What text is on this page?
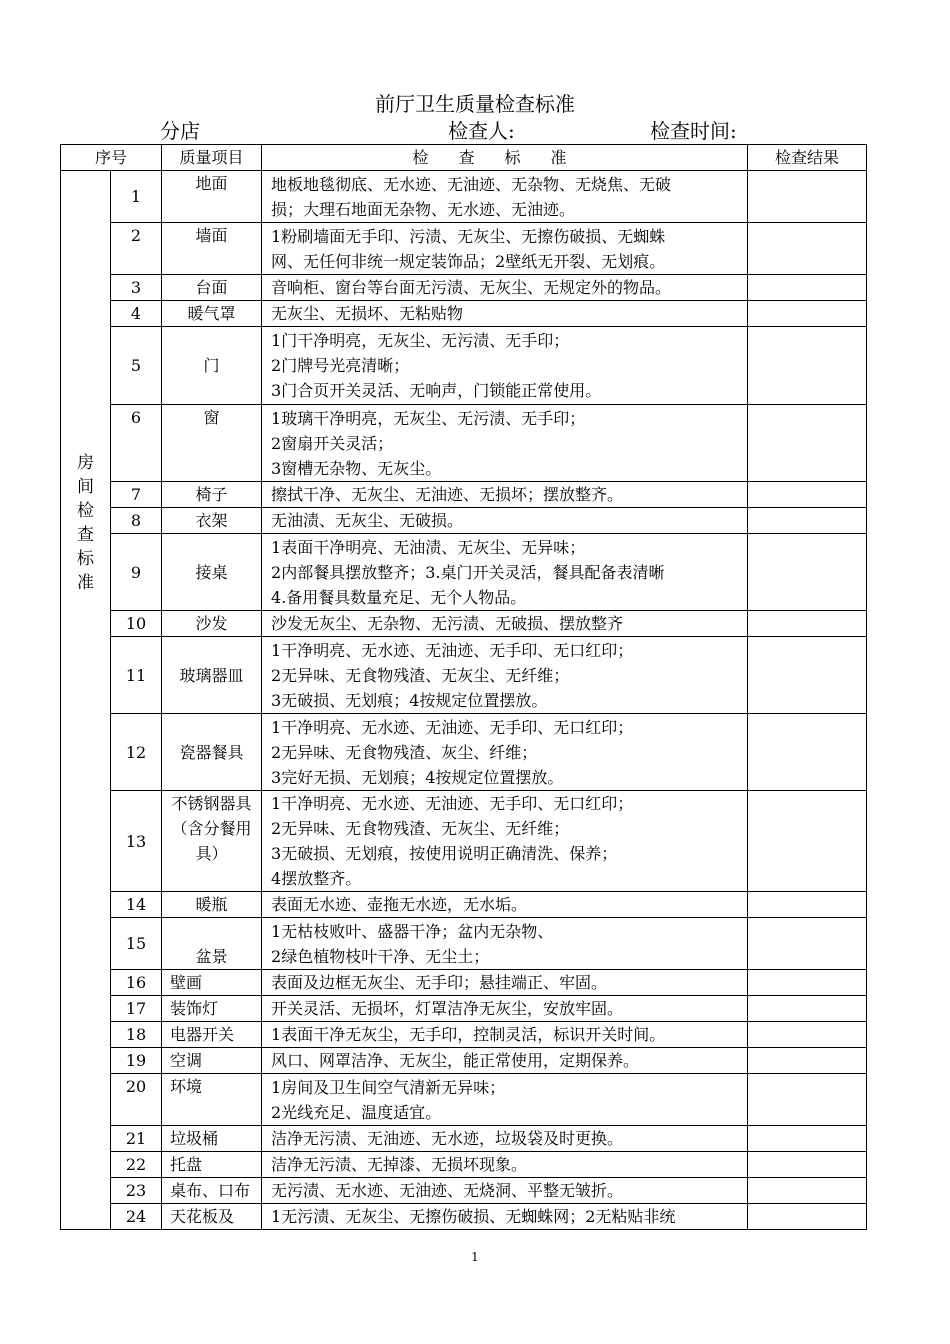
前厅卫生质量检查标准
分店	检查人:	检查时间:
序号		质量项目	检查标准	检查结果
房间检查标准	1	地面	地板地毯彻底、无水迹、无油迹、无杂物、无烧焦、无破
损；大理石地面无杂物、无水迹、无油迹。	

	2	墙面	1粉刷墙面无手印、污渍、无灰尘、无擦伤破损、无蜘蛛
网、无任何非统一规定装饰品；2壁纸无开裂、无划痕。	

	3	台面	音响柜、窗台等台面无污渍、无灰尘、无规定外的物品。	

	4	暖气罩	无灰尘、无损坏、无粘贴物	

	5	门	1门干净明亮，无灰尘、无污渍、无手印；
2门牌号光亮清晰；
3门合页开关灵活、无响声，门锁能正常使用。	

	6	窗	1玻璃干净明亮，无灰尘、无污渍、无手印；
2窗扇开关灵活；
3窗槽无杂物、无灰尘。	

	7	椅子	擦拭干净、无灰尘、无油迹、无损坏；摆放整齐。	

	8	衣架	无油渍、无灰尘、无破损。	

	9	接桌	1表面干净明亮、无油渍、无灰尘、无异味；
2内部餐具摆放整齐；3.桌门开关灵活，餐具配备表清晰
4.备用餐具数量充足、无个人物品。	

	10	沙发	沙发无灰尘、无杂物、无污渍、无破损、摆放整齐	

	11	玻璃器皿	1干净明亮、无水迹、无油迹、无手印、无口红印；
2无异味、无食物残渣、无灰尘、无纤维；
3无破损、无划痕；4按规定位置摆放。	

	12	瓷器餐具	1干净明亮、无水迹、无油迹、无手印、无口红印；
2无异味、无食物残渣、灰尘、纤维；
3完好无损、无划痕；4按规定位置摆放。	

	13	不锈钢器具（含分餐用具）	1干净明亮、无水迹、无油迹、无手印、无口红印；
2无异味、无食物残渣、无灰尘、无纤维；
3无破损、无划痕，按使用说明正确清洗、保养；
4摆放整齐。	

	14	暖瓶	表面无水迹、壶拖无水迹，无水垢。	

	15	盆景	1无枯枝败叶、盛器干净；盆内无杂物、
2绿色植物枝叶干净、无尘土；	

	16	壁画	表面及边框无灰尘、无手印；悬挂端正、牢固。	

	17	装饰灯	开关灵活、无损坏，灯罩洁净无灰尘，安放牢固。	

	18	电器开关	1表面干净无灰尘，无手印，控制灵活，标识开关时间。	

	19	空调	风口、网罩洁净、无灰尘，能正常使用，定期保养。	

	20	环境	1房间及卫生间空气清新无异味；
2光线充足、温度适宜。	

	21	垃圾桶	洁净无污渍、无油迹、无水迹，垃圾袋及时更换。	

	22	托盘	洁净无污渍、无掉漆、无损坏现象。	

	23	桌布、口布	无污渍、无水迹、无油迹、无烧洞、平整无皱折。	

	24	天花板及	1无污渍、无灰尘、无擦伤破损、无蜘蛛网；2无粘贴非统	

1
